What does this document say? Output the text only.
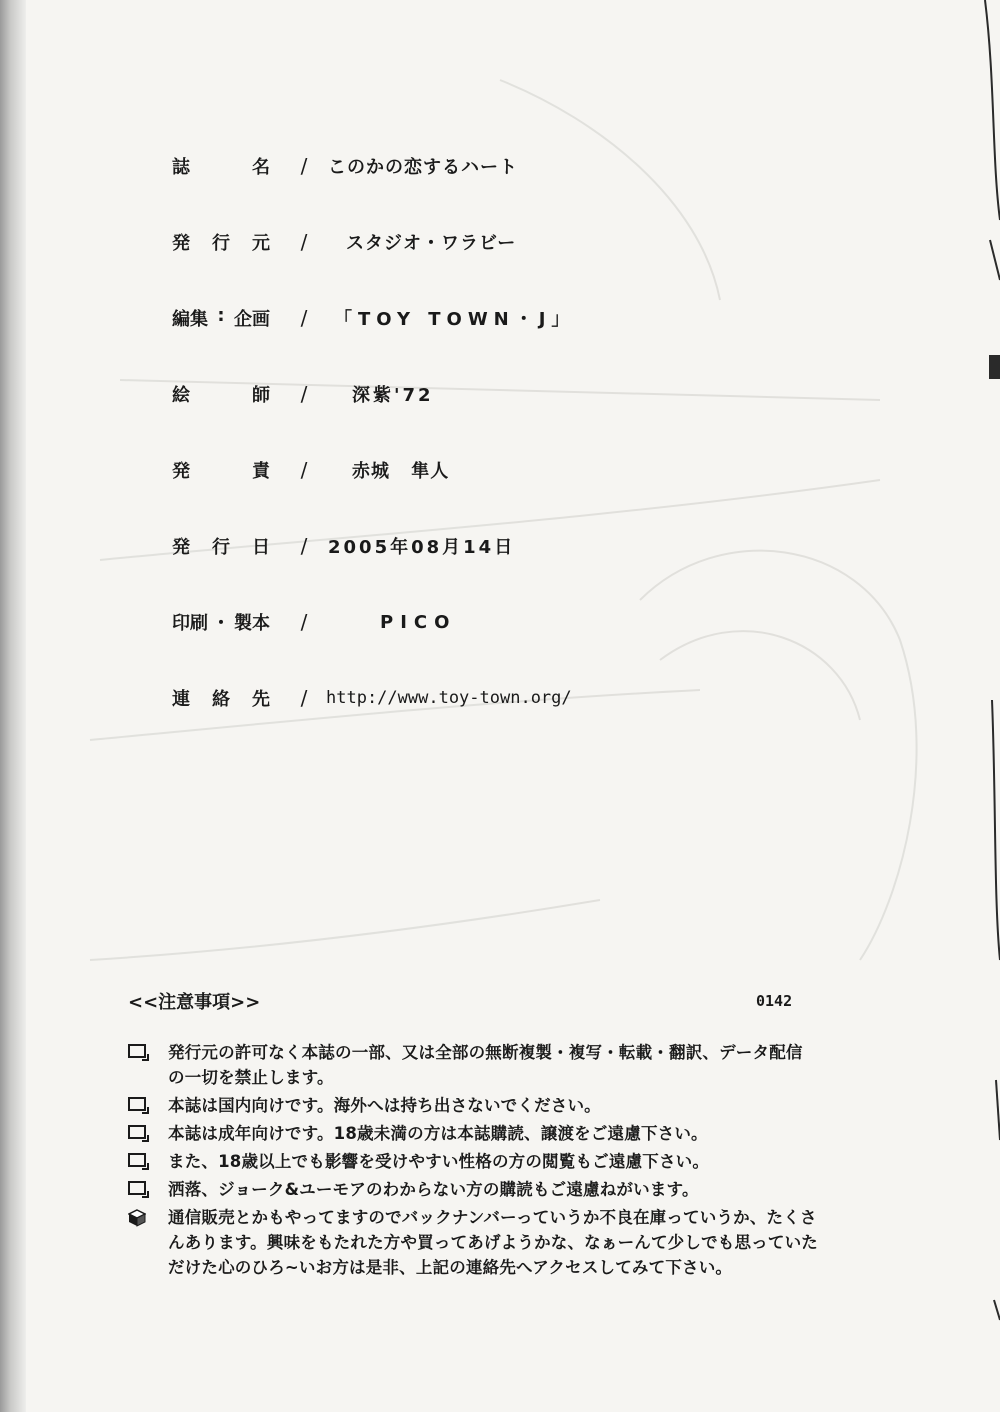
誌	名	/	このかの恋するハート
発 行 元	/	スタジオ・ワラビー
編集 : 企画	/	「TOY TOWN・J」
絵	師	/	深紫'72
発	責	/	赤城 隼人
発 行 日	/	2005年08月14日
印刷 ・ 製本	/	PICO
連 絡 先	/	http://www.toy-town.org/
<<注意事項>>	0142
発行元の許可なく本誌の一部、又は全部の無断複製・複写・転載・翻訳、データ配信の一切を禁止します。
本誌は国内向けです。海外へは持ち出さないでください。
本誌は成年向けです。18歳未満の方は本誌購読、譲渡をご遠慮下さい。
また、18歳以上でも影響を受けやすい性格の方の閲覧もご遠慮下さい。
洒落、ジョーク&ユーモアのわからない方の購読もご遠慮ねがいます。
通信販売とかもやってますのでバックナンバーっていうか不良在庫っていうか、たくさんあります。興味をもたれた方や買ってあげようかな、なぁーんて少しでも思っていただけた心のひろ~いお方は是非、上記の連絡先へアクセスしてみて下さい。
